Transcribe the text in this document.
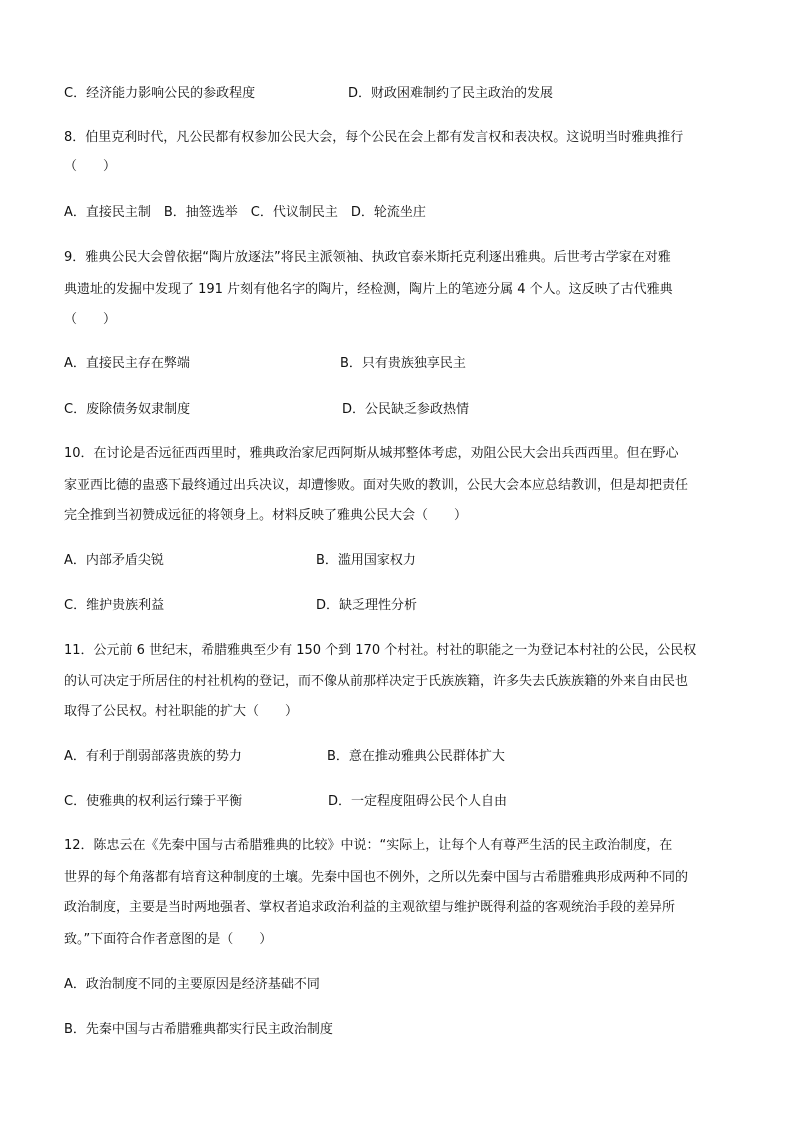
C．经济能力影响公民的参政程度	D．财政困难制约了民主政治的发展
8．伯里克利时代，凡公民都有权参加公民大会，每个公民在会上都有发言权和表决权。这说明当时雅典推行
（　　）
A．直接民主制　B．抽签选举　C．代议制民主　D．轮流坐庄
9．雅典公民大会曾依据“陶片放逐法”将民主派领袖、执政官泰米斯托克利逐出雅典。后世考古学家在对雅
典遗址的发掘中发现了 191 片刻有他名字的陶片，经检测，陶片上的笔迹分属 4 个人。这反映了古代雅典
（　　）
A．直接民主存在弊端	B．只有贵族独享民主
C．废除债务奴隶制度	D．公民缺乏参政热情
10．在讨论是否远征西西里时，雅典政治家尼西阿斯从城邦整体考虑，劝阻公民大会出兵西西里。但在野心
家亚西比德的蛊惑下最终通过出兵决议，却遭惨败。面对失败的教训，公民大会本应总结教训，但是却把责任
完全推到当初赞成远征的将领身上。材料反映了雅典公民大会（　　）
A．内部矛盾尖锐	B．滥用国家权力
C．维护贵族利益	D．缺乏理性分析
11．公元前 6 世纪末，希腊雅典至少有 150 个到 170 个村社。村社的职能之一为登记本村社的公民，公民权
的认可决定于所居住的村社机构的登记，而不像从前那样决定于氏族族籍，许多失去氏族族籍的外来自由民也
取得了公民权。村社职能的扩大（　　）
A．有利于削弱部落贵族的势力	B．意在推动雅典公民群体扩大
C．使雅典的权利运行臻于平衡	D．一定程度阻碍公民个人自由
12．陈忠云在《先秦中国与古希腊雅典的比较》中说：“实际上，让每个人有尊严生活的民主政治制度，在
世界的每个角落都有培育这种制度的土壤。先秦中国也不例外，之所以先秦中国与古希腊雅典形成两种不同的
政治制度，主要是当时两地强者、掌权者追求政治利益的主观欲望与维护既得利益的客观统治手段的差异所
致。”下面符合作者意图的是（　　）
A．政治制度不同的主要原因是经济基础不同
B．先秦中国与古希腊雅典都实行民主政治制度
